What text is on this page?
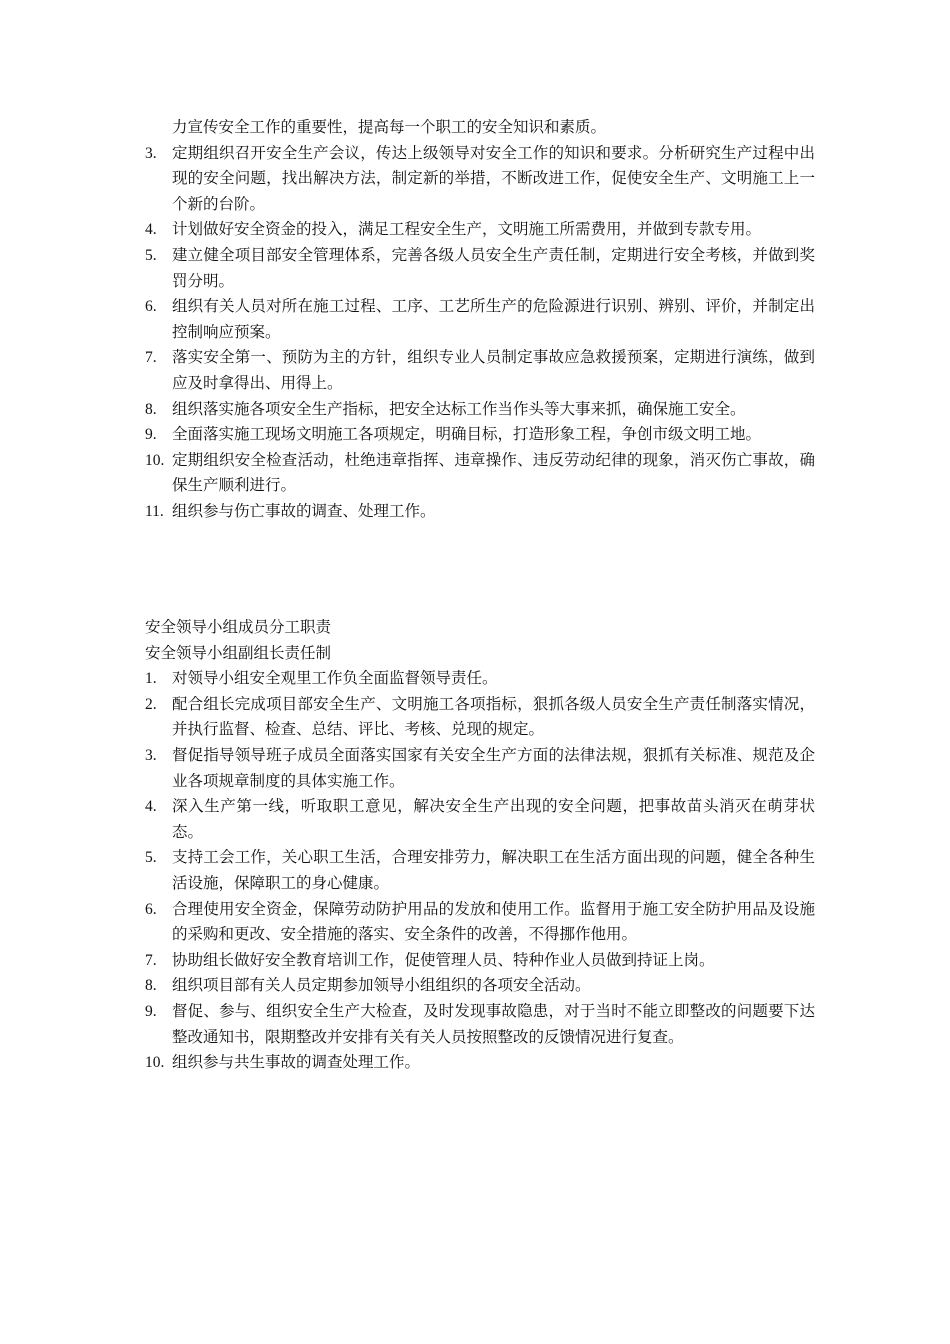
力宣传安全工作的重要性，提高每一个职工的安全知识和素质。
3. 定期组织召开安全生产会议，传达上级领导对安全工作的知识和要求。分析研究生产过程中出现的安全问题，找出解决方法，制定新的举措，不断改进工作，促使安全生产、文明施工上一个新的台阶。
4. 计划做好安全资金的投入，满足工程安全生产，文明施工所需费用，并做到专款专用。
5. 建立健全项目部安全管理体系，完善各级人员安全生产责任制，定期进行安全考核，并做到奖罚分明。
6. 组织有关人员对所在施工过程、工序、工艺所生产的危险源进行识别、辨别、评价，并制定出控制响应预案。
7. 落实安全第一、预防为主的方针，组织专业人员制定事故应急救援预案，定期进行演练，做到应及时拿得出、用得上。
8. 组织落实施各项安全生产指标，把安全达标工作当作头等大事来抓，确保施工安全。
9. 全面落实施工现场文明施工各项规定，明确目标，打造形象工程，争创市级文明工地。
10. 定期组织安全检查活动，杜绝违章指挥、违章操作、违反劳动纪律的现象，消灭伤亡事故，确保生产顺利进行。
11. 组织参与伤亡事故的调查、处理工作。
安全领导小组成员分工职责
安全领导小组副组长责任制
1. 对领导小组安全观里工作负全面监督领导责任。
2. 配合组长完成项目部安全生产、文明施工各项指标，狠抓各级人员安全生产责任制落实情况，并执行监督、检查、总结、评比、考核、兑现的规定。
3. 督促指导领导班子成员全面落实国家有关安全生产方面的法律法规，狠抓有关标准、规范及企业各项规章制度的具体实施工作。
4. 深入生产第一线，听取职工意见，解决安全生产出现的安全问题，把事故苗头消灭在萌芽状态。
5. 支持工会工作，关心职工生活，合理安排劳力，解决职工在生活方面出现的问题，健全各种生活设施，保障职工的身心健康。
6. 合理使用安全资金，保障劳动防护用品的发放和使用工作。监督用于施工安全防护用品及设施的采购和更改、安全措施的落实、安全条件的改善，不得挪作他用。
7. 协助组长做好安全教育培训工作，促使管理人员、特种作业人员做到持证上岗。
8. 组织项目部有关人员定期参加领导小组组织的各项安全活动。
9. 督促、参与、组织安全生产大检查，及时发现事故隐患，对于当时不能立即整改的问题要下达整改通知书，限期整改并安排有关有关人员按照整改的反馈情况进行复查。
10. 组织参与共生事故的调查处理工作。
